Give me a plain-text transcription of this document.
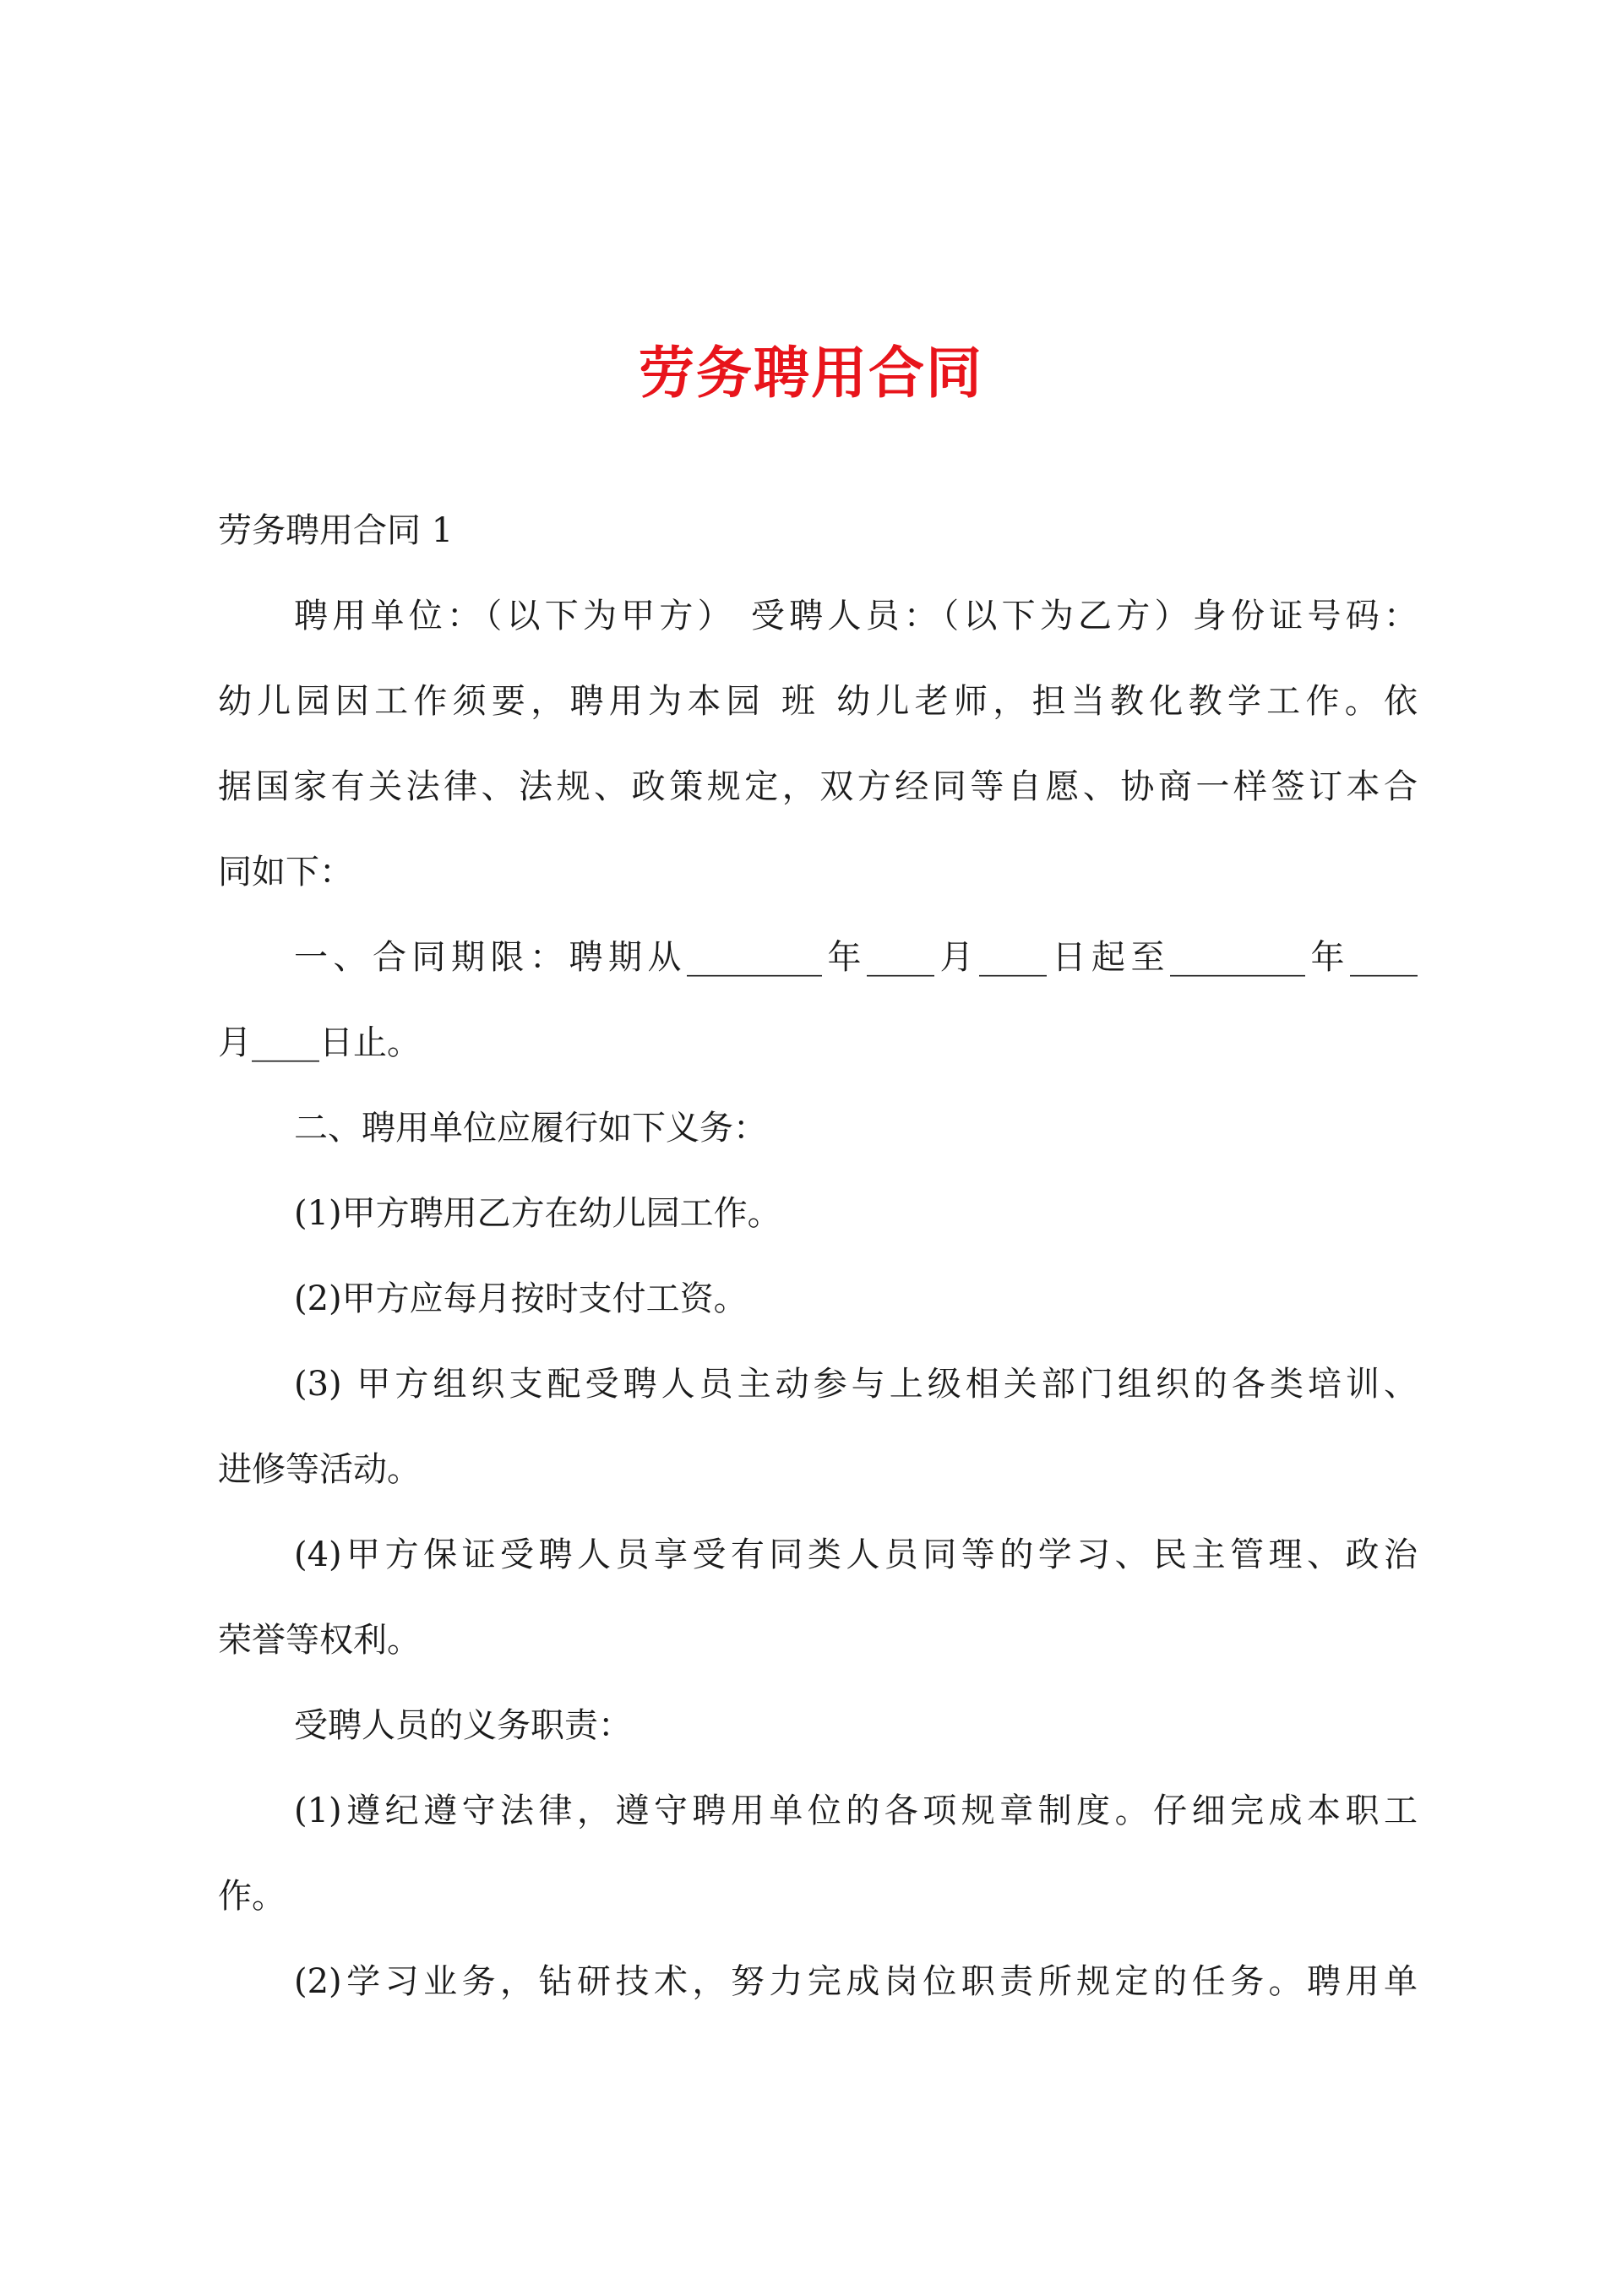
劳务聘用合同
劳务聘用合同 1
聘用单位：（以下为甲方） 受聘人员：（以下为乙方）身份证号码：
幼儿园因工作须要，聘用为本园 班 幼儿老师，担当教化教学工作。依
据国家有关法律、法规、政策规定，双方经同等自愿、协商一样签订本合
同如下：
一、合同期限：聘期从________年____月____日起至________年____
月____日止。
二、聘用单位应履行如下义务：
(1)甲方聘用乙方在幼儿园工作。
(2)甲方应每月按时支付工资。
(3) 甲方组织支配受聘人员主动参与上级相关部门组织的各类培训、
进修等活动。
(4)甲方保证受聘人员享受有同类人员同等的学习、民主管理、政治
荣誉等权利。
受聘人员的义务职责：
(1)遵纪遵守法律，遵守聘用单位的各项规章制度。仔细完成本职工
作。
(2)学习业务，钻研技术，努力完成岗位职责所规定的任务。聘用单
